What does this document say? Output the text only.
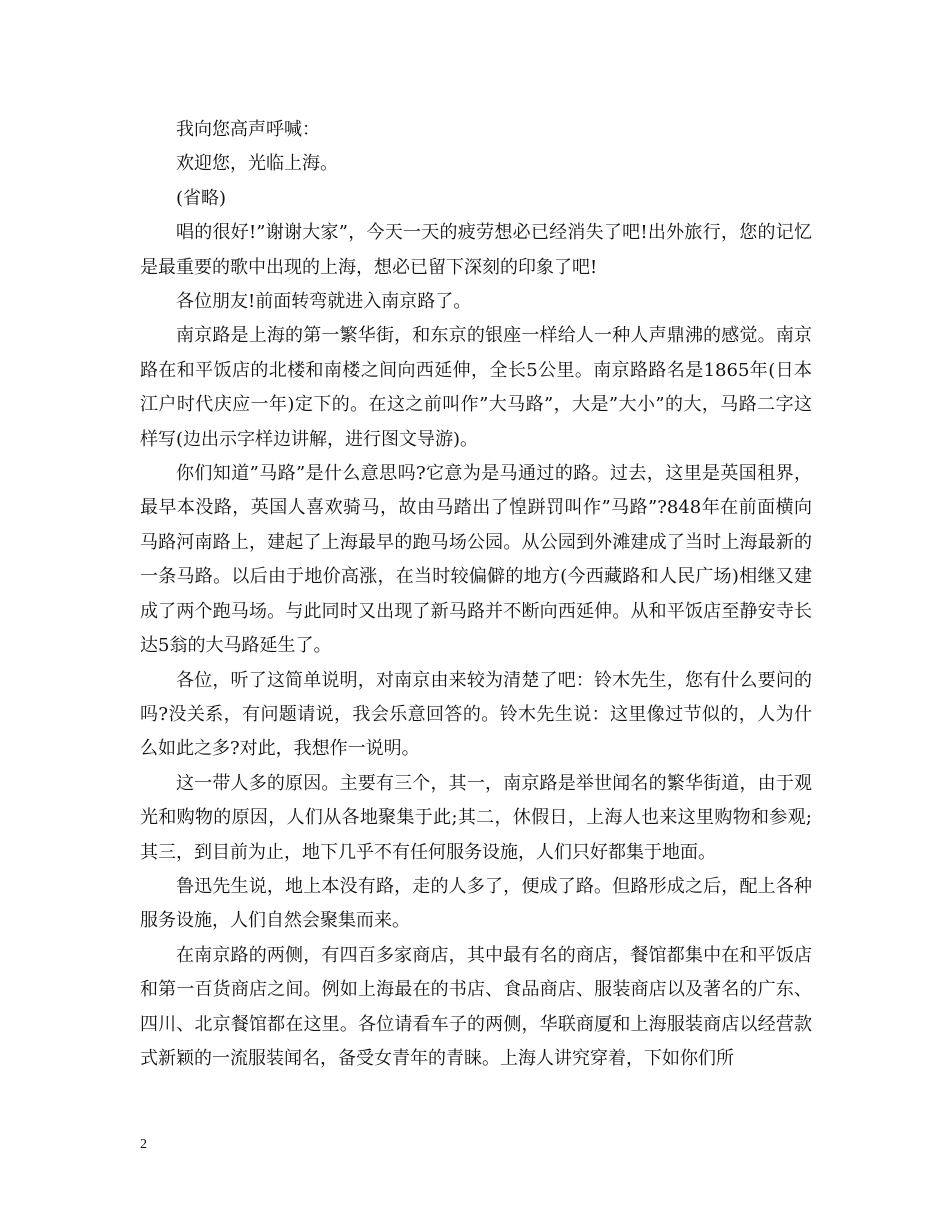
我向您高声呼喊：

欢迎您，光临上海。

(省略)

唱的很好!”谢谢大家”，今天一天的疲劳想必已经消失了吧!出外旅行，您的记忆是最重要的歌中出现的上海，想必已留下深刻的印象了吧!

各位朋友!前面转弯就进入南京路了。

南京路是上海的第一繁华街，和东京的银座一样给人一种人声鼎沸的感觉。南京路在和平饭店的北楼和南楼之间向西延伸，全长5公里。南京路路名是1865年(日本江户时代庆应一年)定下的。在这之前叫作”大马路”，大是”大小”的大，马路二字这样写(边出示字样边讲解，进行图文导游)。

你们知道”马路”是什么意思吗?它意为是马通过的路。过去，这里是英国租界，最早本没路，英国人喜欢骑马，故由马踏出了惶跰罚叫作”马路”?848年在前面横向马路河南路上，建起了上海最早的跑马场公园。从公园到外滩建成了当时上海最新的一条马路。以后由于地价高涨，在当时较偏僻的地方(今西藏路和人民广场)相继又建成了两个跑马场。与此同时又出现了新马路并不断向西延伸。从和平饭店至静安寺长达5翁的大马路延生了。

各位，听了这简单说明，对南京由来较为清楚了吧：铃木先生，您有什么要问的吗?没关系，有问题请说，我会乐意回答的。铃木先生说：这里像过节似的，人为什么如此之多?对此，我想作一说明。

这一带人多的原因。主要有三个，其一，南京路是举世闻名的繁华街道，由于观光和购物的原因，人们从各地聚集于此;其二，休假日，上海人也来这里购物和参观;其三，到目前为止，地下几乎不有任何服务设施，人们只好都集于地面。

鲁迅先生说，地上本没有路，走的人多了，便成了路。但路形成之后，配上各种服务设施，人们自然会聚集而来。

在南京路的两侧，有四百多家商店，其中最有名的商店，餐馆都集中在和平饭店和第一百货商店之间。例如上海最在的书店、食品商店、服装商店以及著名的广东、四川、北京餐馆都在这里。各位请看车子的两侧，华联商厦和上海服装商店以经营款式新颖的一流服装闻名，备受女青年的青睐。上海人讲究穿着，下如你们所

2
